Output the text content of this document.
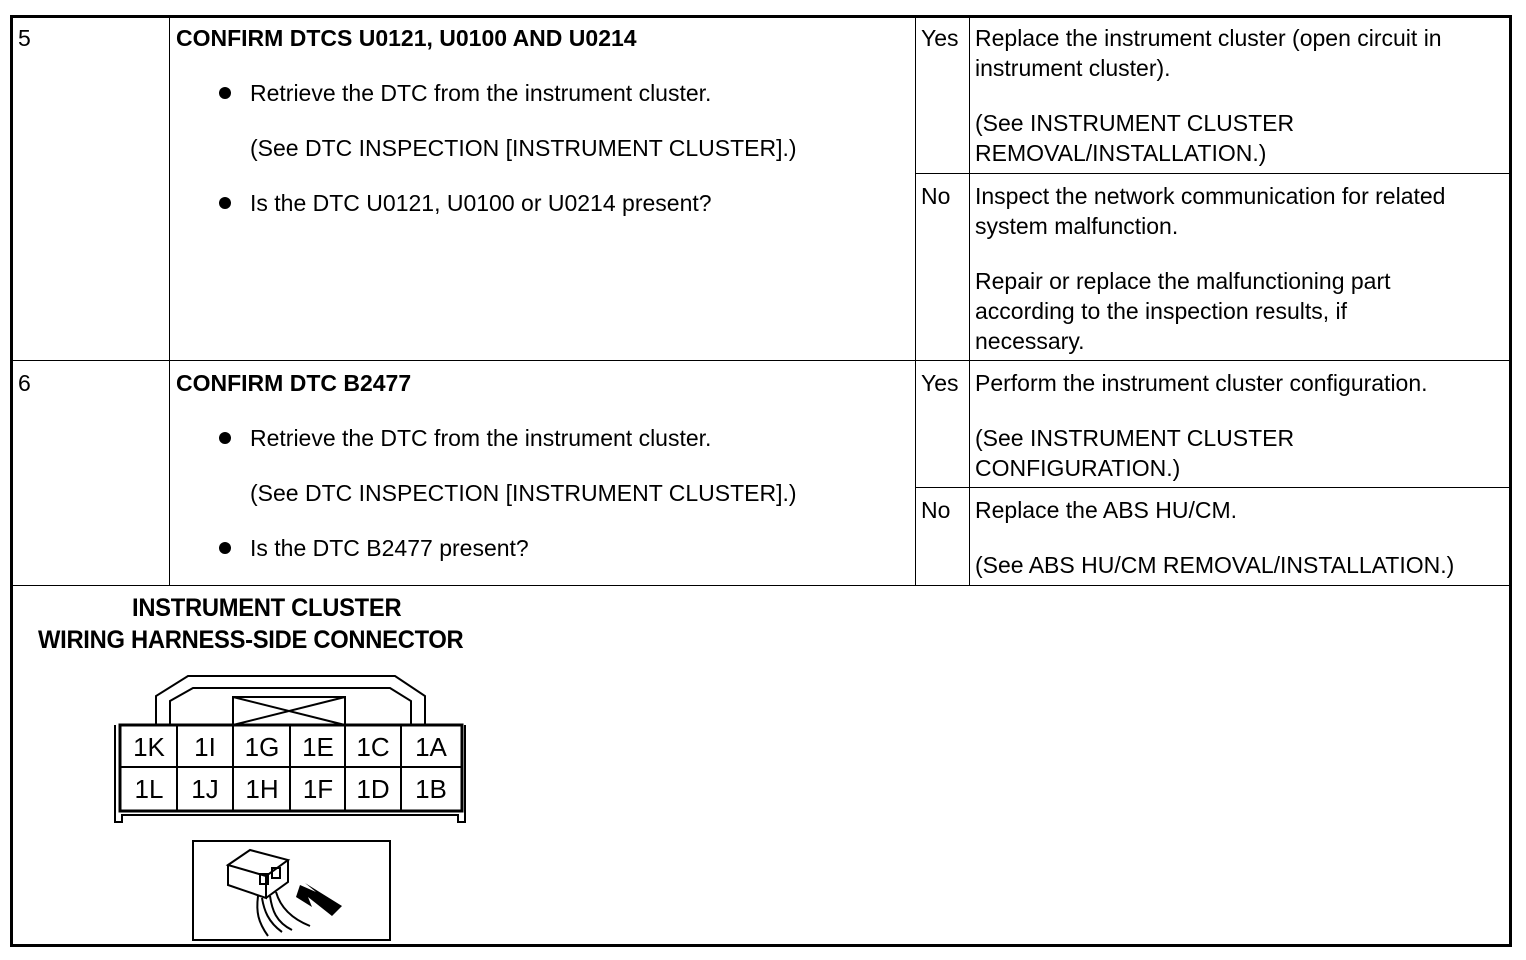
5	CONFIRM DTCS U0121, U0100 AND U0214
Retrieve the DTC from the instrument cluster.
(See DTC INSPECTION [INSTRUMENT CLUSTER].)
Is the DTC U0121, U0100 or U0214 present?
Yes Replace the instrument cluster (open circuit in
instrument cluster).
(See INSTRUMENT CLUSTER
REMOVAL/INSTALLATION.)
No Inspect the network communication for related
system malfunction.
Repair or replace the malfunctioning part
according to the inspection results, if
necessary.
6	CONFIRM DTC B2477
Retrieve the DTC from the instrument cluster.
(See DTC INSPECTION [INSTRUMENT CLUSTER].)
Is the DTC B2477 present?
Yes Perform the instrument cluster configuration.
(See INSTRUMENT CLUSTER
CONFIGURATION.)
No Replace the ABS HU/CM.
(See ABS HU/CM REMOVAL/INSTALLATION.)
INSTRUMENT CLUSTER
WIRING HARNESS-SIDE CONNECTOR
1K 1I 1G 1E 1C 1A
1L 1J 1H 1F 1D 1B
